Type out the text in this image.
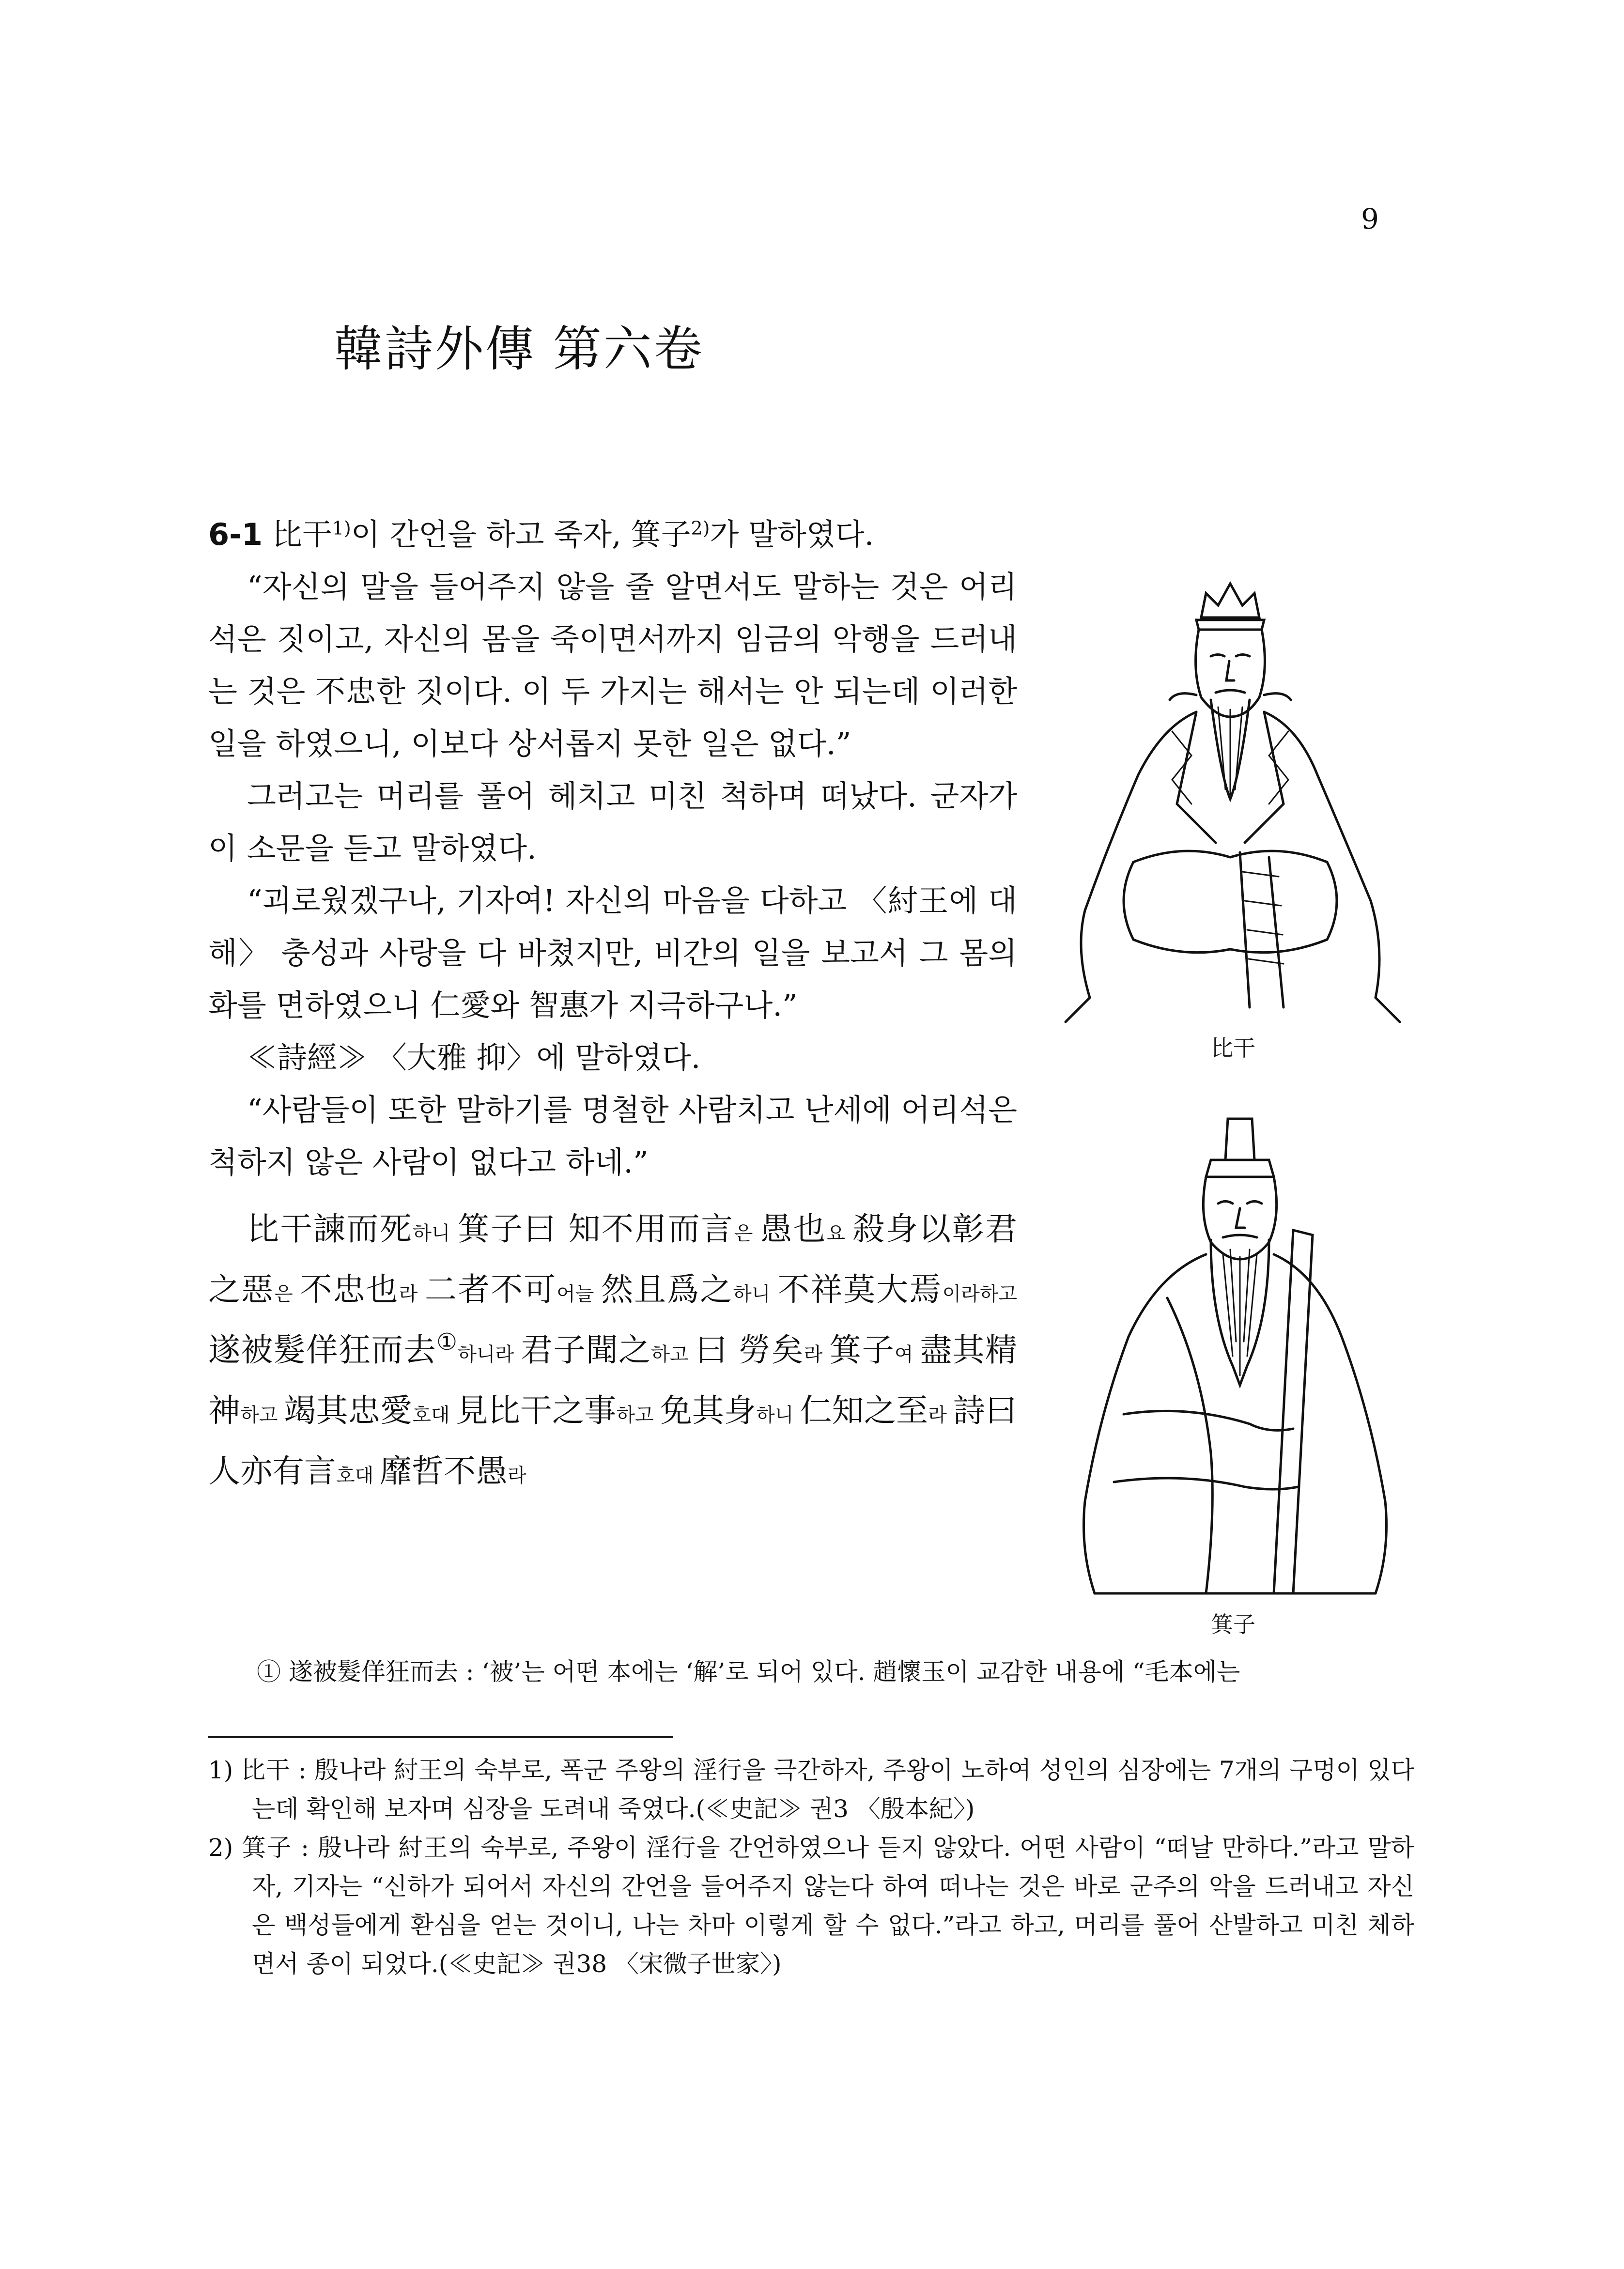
9
韓詩外傳 第六卷

6-1 比干$^{1)}$이 간언을 하고 죽자, 箕子$^{2)}$가 말하였다.

“자신의 말을 들어주지 않을 줄 알면서도 말하는 것은 어리석은 짓이고, 자신의 몸을 죽이면서까지 임금의 악행을 드러내는 것은 不忠한 짓이다. 이 두 가지는 해서는 안 되는데 이러한 일을 하였으니, 이보다 상서롭지 못한 일은 없다.”

그러고는 머리를 풀어 헤치고 미친 척하며 떠났다. 군자가 이 소문을 듣고 말하였다.

“괴로웠겠구나, 기자여! 자신의 마음을 다하고 〈紂王에 대해〉 충성과 사랑을 다 바쳤지만, 비간의 일을 보고서 그 몸의 화를 면하였으니 仁愛와 智惠가 지극하구나.”

≪詩經≫ 〈大雅 抑〉에 말하였다.

“사람들이 또한 말하기를 명철한 사람치고 난세에 어리석은 척하지 않은 사람이 없다고 하네.”

比干諫而死하니 箕子曰 知不用而言은 愚也요 殺身以彰君之惡은 不忠也라 二者不可어늘 然且爲之하니 不祥莫大焉이라하고 遂被髮佯狂而去①하니라 君子聞之하고 曰 勞矣라 箕子여 盡其精神하고 竭其忠愛호대 見比干之事하고 免其身하니 仁知之至라 詩曰 人亦有言호대 靡哲不愚라

比干
箕子
① 遂被髮佯狂而去 : ‘被’는 어떤 本에는 ‘解’로 되어 있다. 趙懷玉이 교감한 내용에 “毛本에는

1) 比干 : 殷나라 紂王의 숙부로, 폭군 주왕의 淫行을 극간하자, 주왕이 노하여 성인의 심장에는 7개의 구멍이 있다는데 확인해 보자며 심장을 도려내 죽였다.(≪史記≫ 권3 〈殷本紀〉)

2) 箕子 : 殷나라 紂王의 숙부로, 주왕이 淫行을 간언하였으나 듣지 않았다. 어떤 사람이 “떠날 만하다.”라고 말하자, 기자는 “신하가 되어서 자신의 간언을 들어주지 않는다 하여 떠나는 것은 바로 군주의 악을 드러내고 자신은 백성들에게 환심을 얻는 것이니, 나는 차마 이렇게 할 수 없다.”라고 하고, 머리를 풀어 산발하고 미친 체하면서 종이 되었다.(≪史記≫ 권38 〈宋微子世家〉)
